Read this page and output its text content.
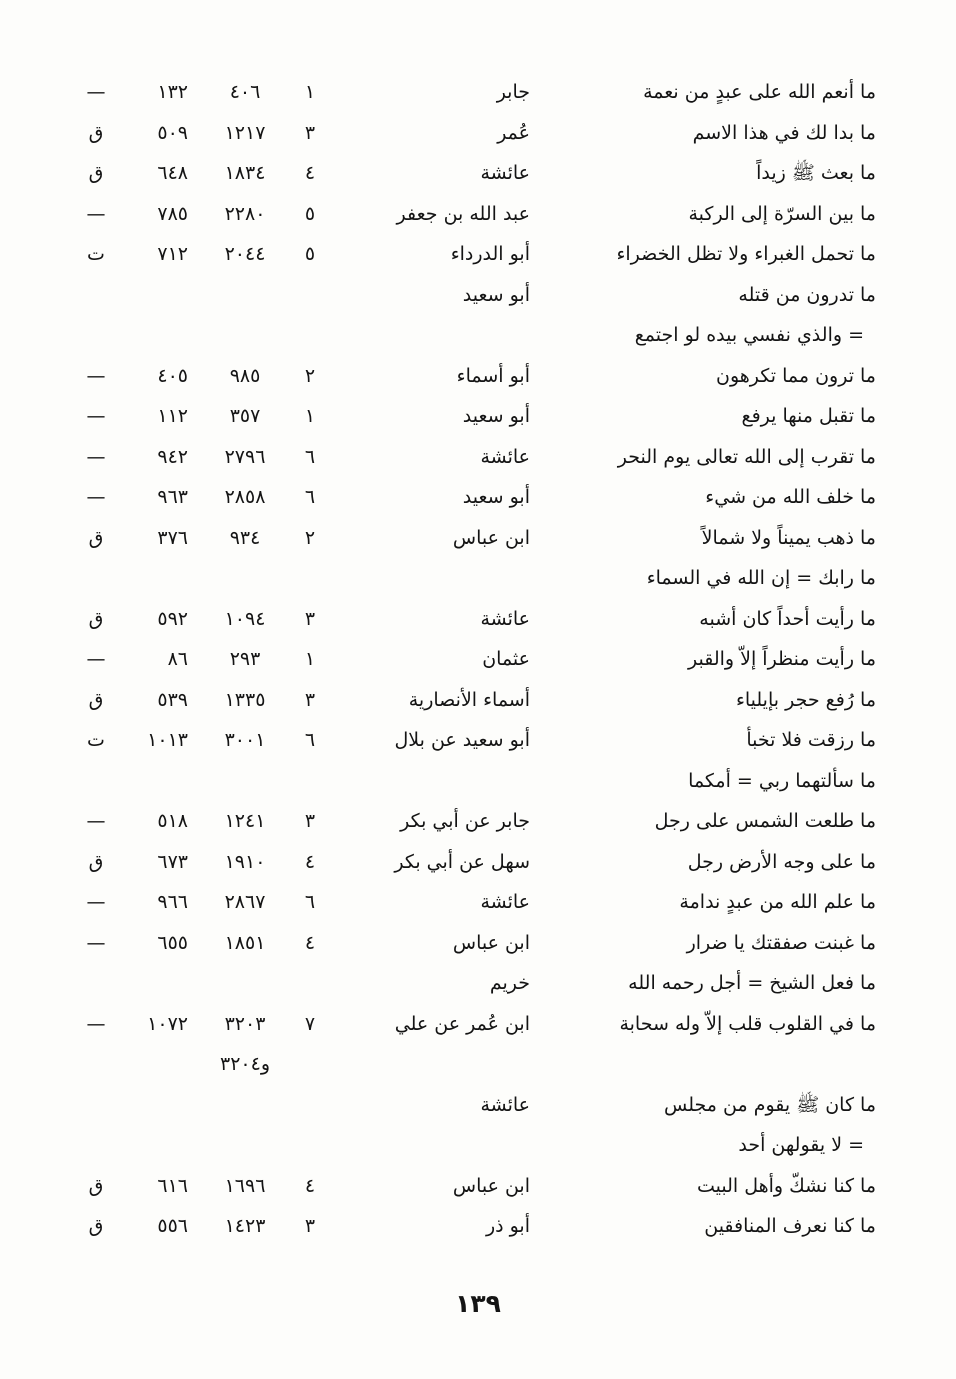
ما أنعم الله على عبدٍ من نعمة
جابر
١
٤٠٦
١٣٢
—
ما بدا لك في هذا الاسم
عُمر
٣
١٢١٧
٥٠٩
ق
ما بعث ﷺ زيداً
عائشة
٤
١٨٣٤
٦٤٨
ق
ما بين السرّة إلى الركبة
عبد الله بن جعفر
٥
٢٢٨٠
٧٨٥
—
ما تحمل الغبراء ولا تظل الخضراء
أبو الدرداء
٥
٢٠٤٤
٧١٢
ت
ما تدرون من قتله
أبو سعيد
= والذي نفسي بيده لو اجتمع
ما ترون مما تكرهون
أبو أسماء
٢
٩٨٥
٤٠٥
—
ما تقبل منها يرفع
أبو سعيد
١
٣٥٧
١١٢
—
ما تقرب إلى الله تعالى يوم النحر
عائشة
٦
٢٧٩٦
٩٤٢
—
ما خلف الله من شيء
أبو سعيد
٦
٢٨٥٨
٩٦٣
—
ما ذهب يميناً ولا شمالاً
ابن عباس
٢
٩٣٤
٣٧٦
ق
ما رابك = إن الله في السماء
ما رأيت أحداً كان أشبه
عائشة
٣
١٠٩٤
٥٩٢
ق
ما رأيت منظراً إلاّ والقبر
عثمان
١
٢٩٣
٨٦
—
ما رُفع حجر بإيلياء
أسماء الأنصارية
٣
١٣٣٥
٥٣٩
ق
ما رزقت فلا تخبأ
أبو سعيد عن بلال
٦
٣٠٠١
١٠١٣
ت
ما سألتهما ربي = أمكما
ما طلعت الشمس على رجل
جابر عن أبي بكر
٣
١٢٤١
٥١٨
—
ما على وجه الأرض رجل
سهل عن أبي بكر
٤
١٩١٠
٦٧٣
ق
ما علم الله من عبدٍ ندامة
عائشة
٦
٢٨٦٧
٩٦٦
—
ما غبنت صفقتك يا ضرار
ابن عباس
٤
١٨٥١
٦٥٥
—
ما فعل الشيخ = أجل رحمه الله
خريم
ما في القلوب قلب إلاّ وله سحابة
ابن عُمر عن علي
٧
٣٢٠٣
١٠٧٢
—
و٣٢٠٤
ما كان ﷺ يقوم من مجلس
عائشة
= لا يقولهن أحد
ما كنا نشكّ وأهل البيت
ابن عباس
٤
١٦٩٦
٦١٦
ق
ما كنا نعرف المنافقين
أبو ذر
٣
١٤٢٣
٥٥٦
ق
١٣٩
